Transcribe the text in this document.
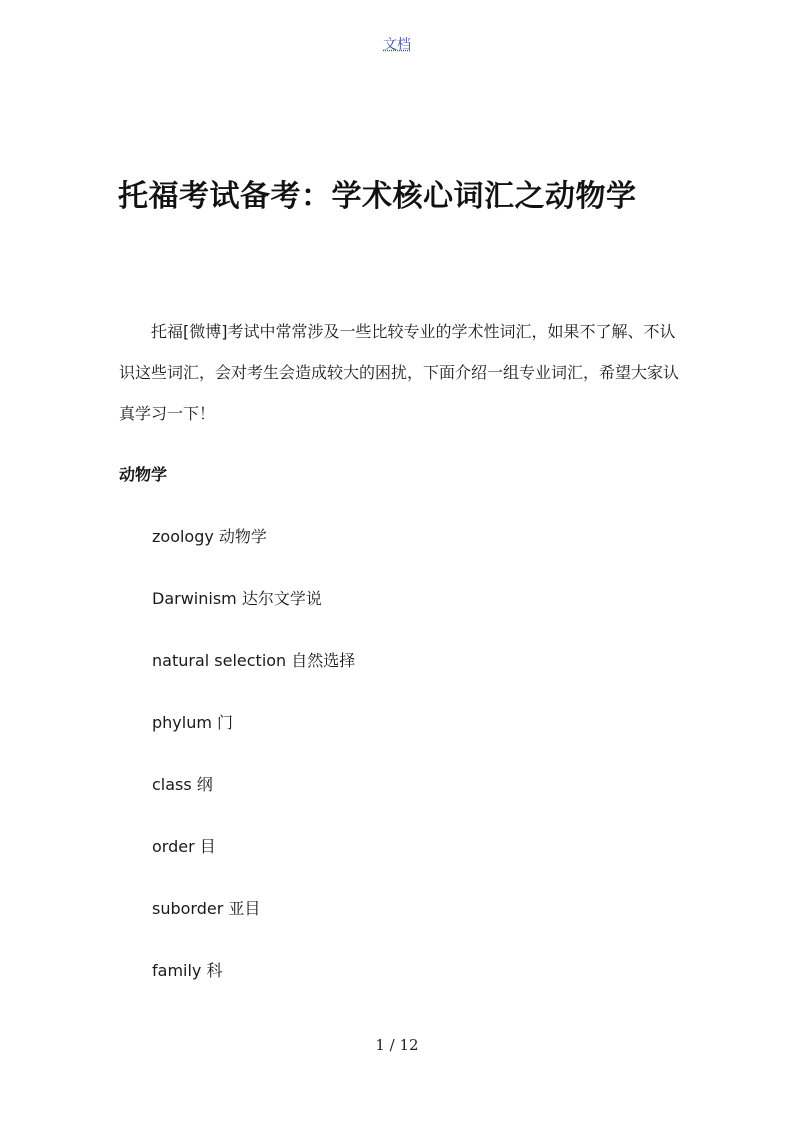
文档
托福考试备考：学术核心词汇之动物学

托福[微博]考试中常常涉及一些比较专业的学术性词汇，如果不了解、不认识这些词汇，会对考生会造成较大的困扰，下面介绍一组专业词汇，希望大家认真学习一下！

动物学
zoology 动物学
Darwinism 达尔文学说
natural selection 自然选择
phylum 门
class 纲
order 目
suborder 亚目
family 科
1 / 12
